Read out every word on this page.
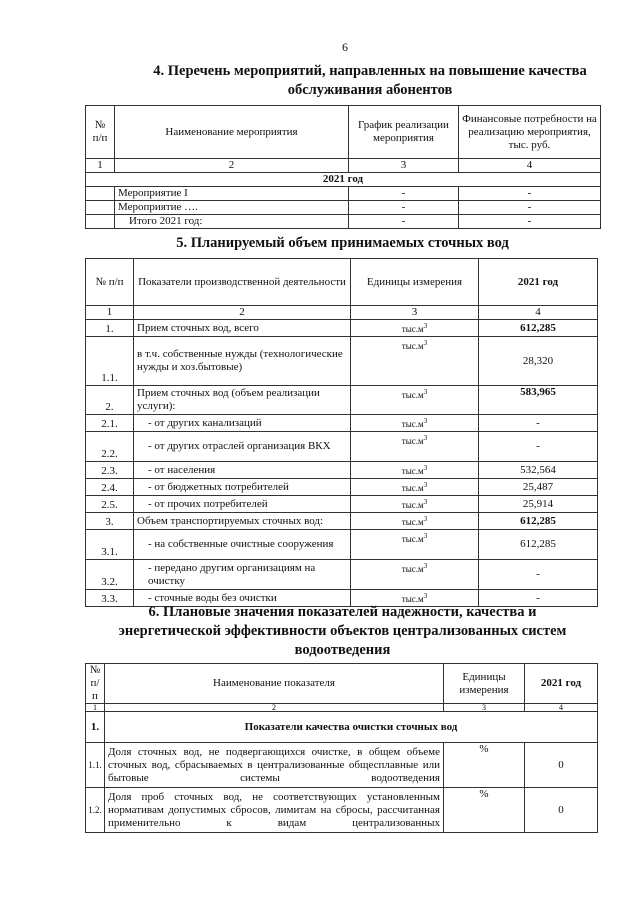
6
4. Перечень мероприятий, направленных на повышение качества
обслуживания абонентов
№ п/п	Наименование мероприятия	График реализации мероприятия	Финансовые потребности на реализацию мероприятия, тыс. руб.
1	2	3	4
2021 год			
	Мероприятие I	-	-
	Мероприятие ….	-	-
	Итого 2021 год:	-	-
5. Планируемый объем принимаемых сточных вод
№ п/п	Показатели производственной деятельности	Единицы измерения	2021 год
1	2	3	4
1.	Прием сточных вод, всего	$тыс.м^3$	612,285
1.1.	в т.ч. собственные нужды (технологические нужды и хоз.бытовые)	$тыс.м^3$	28,320
2.	Прием сточных вод (объем реализации услуги):	$тыс.м^3$	583,965
2.1.	- от других канализаций	$тыс.м^3$	-
2.2.	- от других отраслей организация ВКХ	$тыс.м^3$	-
2.3.	- от населения	$тыс.м^3$	532,564
2.4.	- от бюджетных потребителей	$тыс.м^3$	25,487
2.5.	- от прочих потребителей	$тыс.м^3$	25,914
3.	Объем транспортируемых сточных вод:	$тыс.м^3$	612,285
3.1.	- на собственные очистные сооружения	$тыс.м^3$	612,285
3.2.	- передано другим организациям на очистку	$тыс.м^3$	-
3.3.	- сточные воды без очистки	$тыс.м^3$	-
6. Плановые значения показателей надежности, качества и
энергетической эффективности объектов централизованных систем
водоотведения
№ п/п	Наименование показателя	Единицы измерения	2021 год
1	2	3	4
1.	Показатели качества очистки сточных вод		
1.1.	Доля сточных вод, не подвергающихся очистке, в общем объеме сточных вод, сбрасываемых в централизованные общесплавные или бытовые системы водоотведения	%	0
1.2.	Доля проб сточных вод, не соответствующих установленным нормативам допустимых сбросов, лимитам на сбросы, рассчитанная применительно к видам централизованных	%	0
